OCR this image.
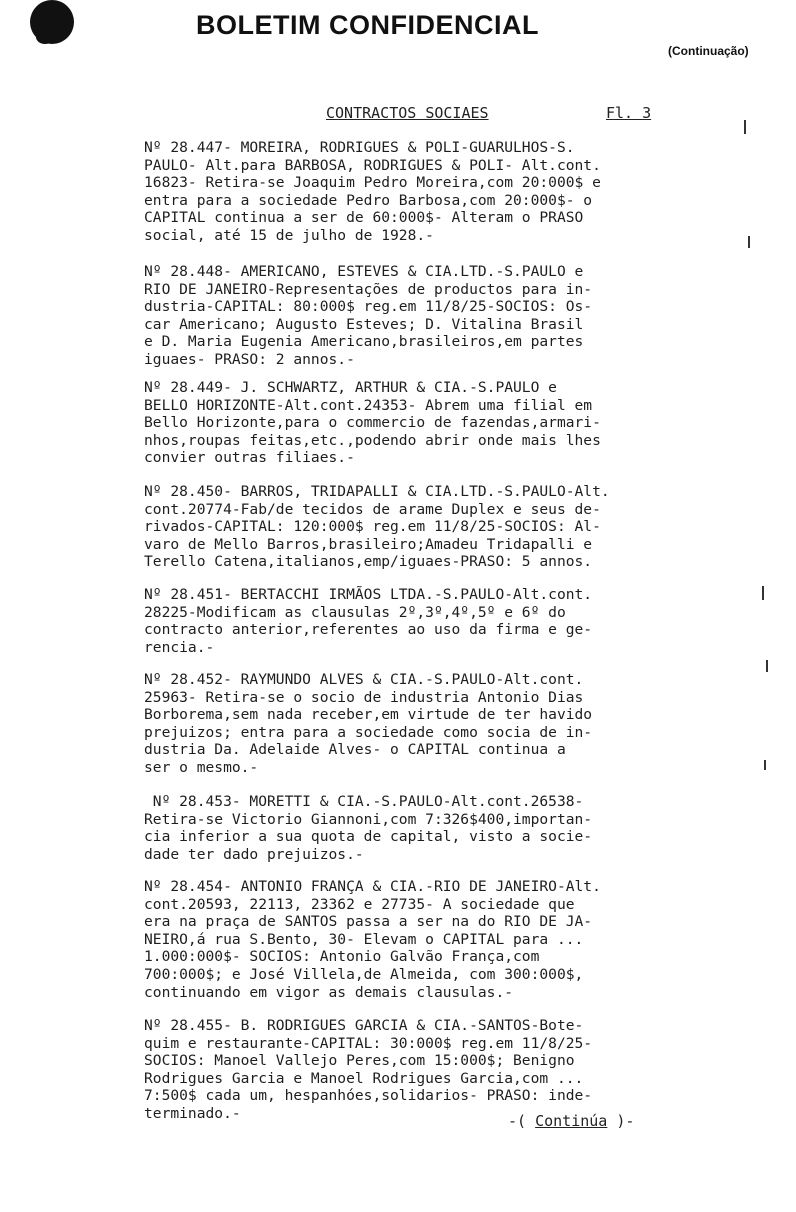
BOLETIM CONFIDENCIAL
(Continuação)
CONTRACTOS SOCIAES	Fl. 3
Nº 28.447- MOREIRA, RODRIGUES & POLI-GUARULHOS-S.
PAULO- Alt.para BARBOSA, RODRIGUES & POLI- Alt.cont.
16823- Retira-se Joaquim Pedro Moreira,com 20:000$ e
entra para a sociedade Pedro Barbosa,com 20:000$- o
CAPITAL continua a ser de 60:000$- Alteram o PRASO
social, até 15 de julho de 1928.-
Nº 28.448- AMERICANO, ESTEVES & CIA.LTD.-S.PAULO e
RIO DE JANEIRO-Representações de productos para in-
dustria-CAPITAL: 80:000$ reg.em 11/8/25-SOCIOS: Os-
car Americano; Augusto Esteves; D. Vitalina Brasil
e D. Maria Eugenia Americano,brasileiros,em partes
iguaes- PRASO: 2 annos.-
Nº 28.449- J. SCHWARTZ, ARTHUR & CIA.-S.PAULO e
BELLO HORIZONTE-Alt.cont.24353- Abrem uma filial em
Bello Horizonte,para o commercio de fazendas,armari-
nhos,roupas feitas,etc.,podendo abrir onde mais lhes
convier outras filiaes.-
Nº 28.450- BARROS, TRIDAPALLI & CIA.LTD.-S.PAULO-Alt.
cont.20774-Fab/de tecidos de arame Duplex e seus de-
rivados-CAPITAL: 120:000$ reg.em 11/8/25-SOCIOS: Al-
varo de Mello Barros,brasileiro;Amadeu Tridapalli e
Terello Catena,italianos,emp/iguaes-PRASO: 5 annos.
Nº 28.451- BERTACCHI IRMÃOS LTDA.-S.PAULO-Alt.cont.
28225-Modificam as clausulas 2º,3º,4º,5º e 6º do
contracto anterior,referentes ao uso da firma e ge-
rencia.-
Nº 28.452- RAYMUNDO ALVES & CIA.-S.PAULO-Alt.cont.
25963- Retira-se o socio de industria Antonio Dias
Borborema,sem nada receber,em virtude de ter havido
prejuizos; entra para a sociedade como socia de in-
dustria Da. Adelaide Alves- o CAPITAL continua a
ser o mesmo.-
Nº 28.453- MORETTI & CIA.-S.PAULO-Alt.cont.26538-
Retira-se Victorio Giannoni,com 7:326$400,importan-
cia inferior a sua quota de capital, visto a socie-
dade ter dado prejuizos.-
Nº 28.454- ANTONIO FRANÇA & CIA.-RIO DE JANEIRO-Alt.
cont.20593, 22113, 23362 e 27735- A sociedade que
era na praça de SANTOS passa a ser na do RIO DE JA-
NEIRO,á rua S.Bento, 30- Elevam o CAPITAL para ...
1.000:000$- SOCIOS: Antonio Galvão França,com
700:000$; e José Villela,de Almeida, com 300:000$,
continuando em vigor as demais clausulas.-
Nº 28.455- B. RODRIGUES GARCIA & CIA.-SANTOS-Bote-
quim e restaurante-CAPITAL: 30:000$ reg.em 11/8/25-
SOCIOS: Manoel Vallejo Peres,com 15:000$; Benigno
Rodrigues Garcia e Manoel Rodrigues Garcia,com ...
7:500$ cada um, hespanhóes,solidarios- PRASO: inde-
terminado.-	-( Continúa )-
